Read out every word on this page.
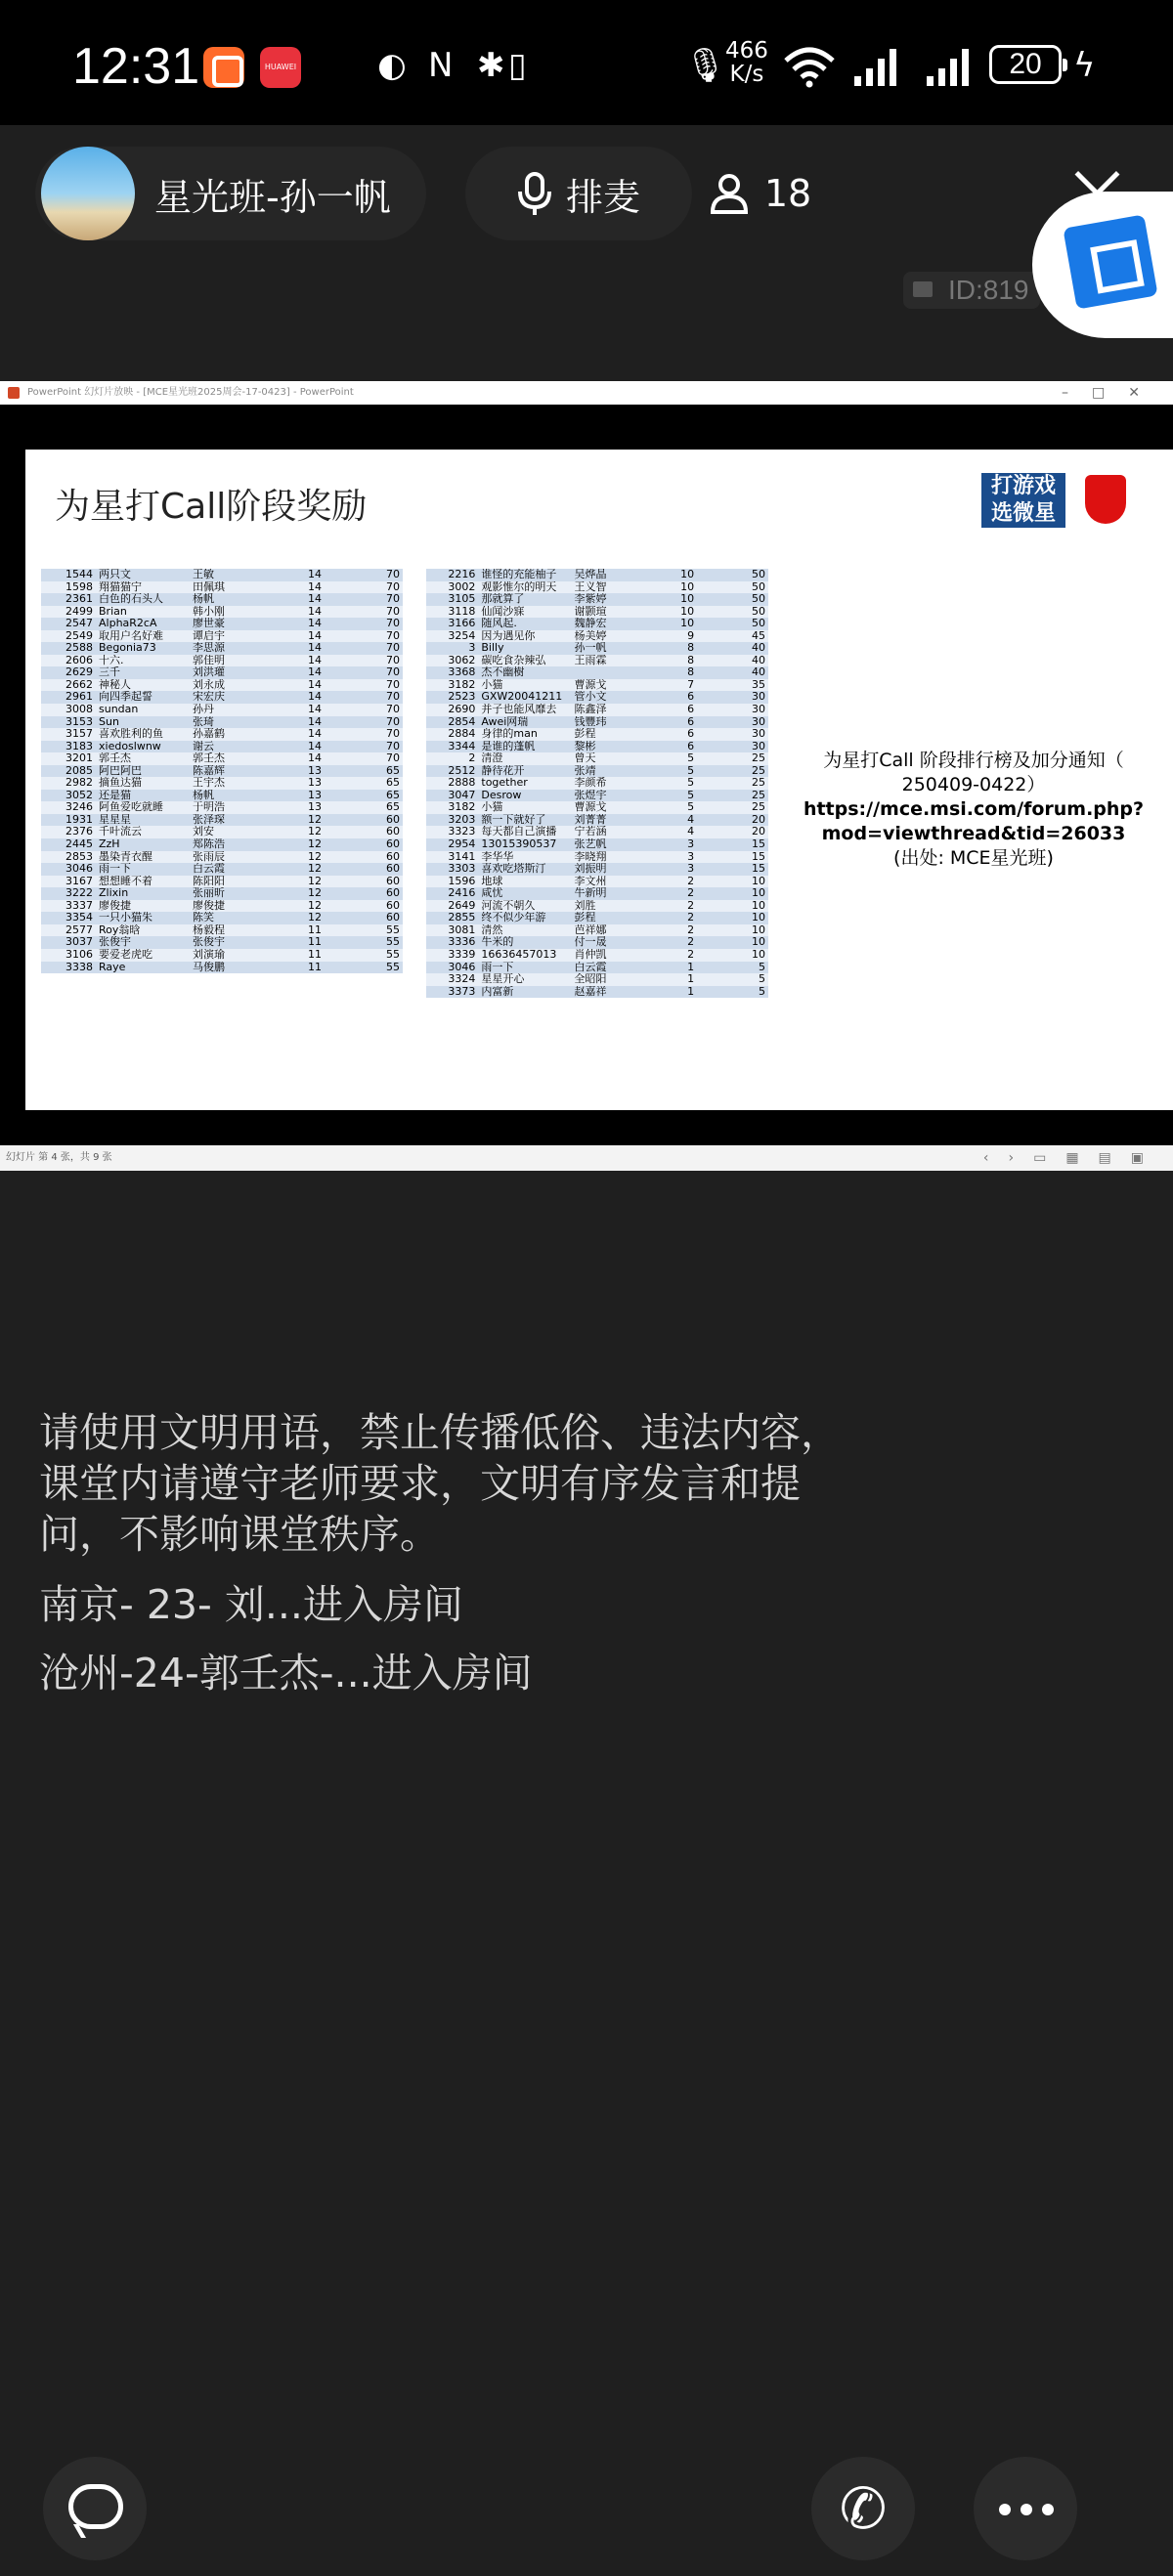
12:31	HUAWEI ◐ Ν ✱ ▯	🎙
466
K/s	20 ϟ
星光班-孙一帆	排麦	18
ID:819
PowerPoint 幻灯片放映 - [MCE星光班2025周会-17-0423] - PowerPoint	–□✕
为星打Call阶段奖励
打游戏
选微星
1544	两只文	王敏	14	70
1598	翔猫猫宁	田佩琪	14	70
2361	白色的石头人	杨帆	14	70
2499	Brian	韩小刚	14	70
2547	AlphaR2cA	廖世豪	14	70
2549	取用户名好难	谭启宇	14	70
2588	Begonia73	李思源	14	70
2606	十六.	郭佳明	14	70
2629	三千	刘洪瓘	14	70
2662	神秘人	刘永成	14	70
2961	向四季起誓	宋宏庆	14	70
3008	sundan	孙丹	14	70
3153	Sun	张琦	14	70
3157	喜欢胜利的鱼	孙嘉鹤	14	70
3183	xiedoslwnw	谢云	14	70
3201	郭壬杰	郭壬杰	14	70
2085	阿巴阿巴	陈嘉辉	13	65
2982	摘鱼达猫	王宇杰	13	65
3052	还是猫	杨帆	13	65
3246	阿鱼爱吃就睡	于明浩	13	65
1931	星星星	张泽琛	12	60
2376	千叶流云	刘安	12	60
2445	ZzH	郑陈浩	12	60
2853	墨染青衣醒	张雨辰	12	60
3046	雨一下	白云霞	12	60
3167	想想睡不着	陈阳阳	12	60
3222	Zlixin	张丽昕	12	60
3337	廖俊捷	廖俊捷	12	60
3354	一只小猫朱	陈笑	12	60
2577	Roy翁晗	杨毅程	11	55
3037	张俊宇	张俊宇	11	55
3106	要爱老虎吃	刘演瑜	11	55
3338	Raye	马俊鹏	11	55
2216	谁怪的充能柚子	吴烨晶	10	50
3002	观影惟尔的明天	王义智	10	50
3105	那就算了	李紫婷	10	50
3118	仙闻沙寐	谢颢瑄	10	50
3166	随风起.	魏静宏	10	50
3254	因为遇见你	杨美婷	9	45
3	Billy	孙一帆	8	40
3062	碳吃食杂辣弘	王雨霖	8	40
3368	杰不幽樹		8	40
3182	小猫	曹源戈	7	35
2523	GXW20041211	管小文	6	30
2690	并子也能风靡去	陈鑫泽	6	30
2854	Awei网瑞	钱豐玮	6	30
2884	身律的man	彭程	6	30
3344	是谁的蓬帆	黎彬	6	30
2	清澄	曾天	5	25
2512	静待花开	张靖	5	25
2888	together	李颜希	5	25
3047	Desrow	张煜宇	5	25
3182	小猫	曹源戈	5	25
3203	额一下就好了	刘菁菁	4	20
3323	每天都自己演播	宁若涵	4	20
2954	13015390537	张艺帆	3	15
3141	李华华	李晓翔	3	15
3303	喜欢吃塔斯汀	刘振明	3	15
1596	地球	李文州	2	10
2416	咸忧	牛新明	2	10
2649	河流不朝久	刘胜	2	10
2855	终不似少年游	彭程	2	10
3081	清然	芭祥娜	2	10
3336	牛米的	付一晟	2	10
3339	16636457013	肖仲凯	2	10
3046	雨一下	白云霞	1	5
3324	星星开心	全昭阳	1	5
3373	内富新	赵嘉祥	1	5
为星打Call 阶段排行榜及加分通知（
250409-0422）
https://mce.msi.com/forum.php?
mod=viewthread&tid=26033
(出处: MCE星光班)
幻灯片 第 4 张，共 9 张	‹›▭▦▤▣
请使用文明用语，禁止传播低俗、违法内容，课堂内请遵守老师要求，文明有序发言和提问，不影响课堂秩序。
南京- 23- 刘...进入房间
沧州-24-郭壬杰-...进入房间
✆
